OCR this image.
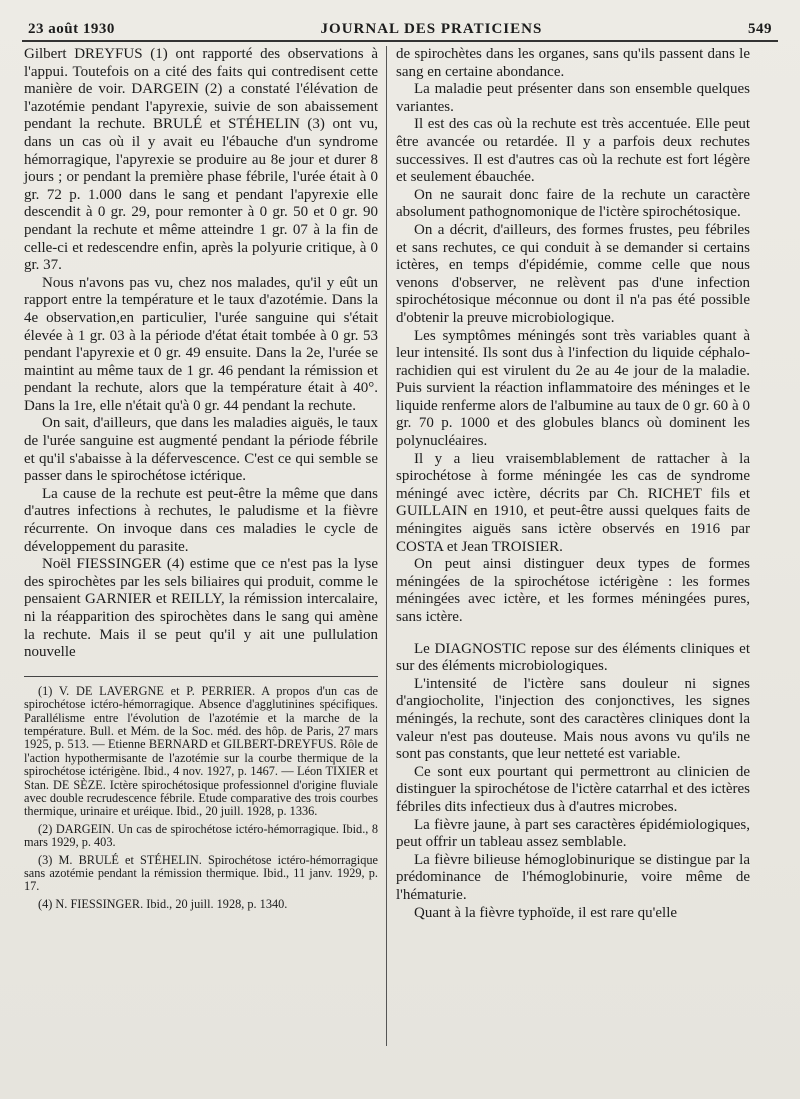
23 août 1930	JOURNAL DES PRATICIENS	549

Gilbert DREYFUS (1) ont rapporté des observations à l'appui. Toutefois on a cité des faits qui contredisent cette manière de voir. DARGEIN (2) a constaté l'élévation de l'azotémie pendant l'apyrexie, suivie de son abaissement pendant la rechute. BRULÉ et STÉHELIN (3) ont vu, dans un cas où il y avait eu l'ébauche d'un syndrome hémorragique, l'apyrexie se produire au 8e jour et durer 8 jours ; or pendant la première phase fébrile, l'urée était à 0 gr. 72 p. 1.000 dans le sang et pendant l'apyrexie elle descendit à 0 gr. 29, pour remonter à 0 gr. 50 et 0 gr. 90 pendant la rechute et même atteindre 1 gr. 07 à la fin de celle-ci et redescendre enfin, après la polyurie critique, à 0 gr. 37.

Nous n'avons pas vu, chez nos malades, qu'il y eût un rapport entre la température et le taux d'azotémie. Dans la 4e observation,en particulier, l'urée sanguine qui s'était élevée à 1 gr. 03 à la période d'état était tombée à 0 gr. 53 pendant l'apyrexie et 0 gr. 49 ensuite. Dans la 2e, l'urée se maintint au même taux de 1 gr. 46 pendant la rémission et pendant la rechute, alors que la température était à 40°. Dans la 1re, elle n'était qu'à 0 gr. 44 pendant la rechute.

On sait, d'ailleurs, que dans les maladies aiguës, le taux de l'urée sanguine est augmenté pendant la période fébrile et qu'il s'abaisse à la défervescence. C'est ce qui semble se passer dans le spirochétose ictérique.

La cause de la rechute est peut-être la même que dans d'autres infections à rechutes, le paludisme et la fièvre récurrente. On invoque dans ces maladies le cycle de développement du parasite.

Noël FIESSINGER (4) estime que ce n'est pas la lyse des spirochètes par les sels biliaires qui produit, comme le pensaient GARNIER et REILLY, la rémission intercalaire, ni la réapparition des spirochètes dans le sang qui amène la rechute. Mais il se peut qu'il y ait une pullulation nouvelle

(1) V. DE LAVERGNE et P. PERRIER. A propos d'un cas de spirochétose ictéro-hémorragique. Absence d'agglutinines spécifiques. Parallélisme entre l'évolution de l'azotémie et la marche de la température. Bull. et Mém. de la Soc. méd. des hôp. de Paris, 27 mars 1925, p. 513. — Etienne BERNARD et GILBERT-DREYFUS. Rôle de l'action hypothermisante de l'azotémie sur la courbe thermique de la spirochétose ictérigène. Ibid., 4 nov. 1927, p. 1467. — Léon TIXIER et Stan. DE SÈZE. Ictère spirochétosique professionnel d'origine fluviale avec double recrudescence fébrile. Etude comparative des trois courbes thermique, urinaire et uréique. Ibid., 20 juill. 1928, p. 1336.

(2) DARGEIN. Un cas de spirochétose ictéro-hémorragique. Ibid., 8 mars 1929, p. 403.

(3) M. BRULÉ et STÉHELIN. Spirochétose ictéro-hémorragique sans azotémie pendant la rémission thermique. Ibid., 11 janv. 1929, p. 17.

(4) N. FIESSINGER. Ibid., 20 juill. 1928, p. 1340.

de spirochètes dans les organes, sans qu'ils passent dans le sang en certaine abondance.

La maladie peut présenter dans son ensemble quelques variantes.

Il est des cas où la rechute est très accentuée. Elle peut être avancée ou retardée. Il y a parfois deux rechutes successives. Il est d'autres cas où la rechute est fort légère et seulement ébauchée.

On ne saurait donc faire de la rechute un caractère absolument pathognomonique de l'ictère spirochétosique.

On a décrit, d'ailleurs, des formes frustes, peu fébriles et sans rechutes, ce qui conduit à se demander si certains ictères, en temps d'épidémie, comme celle que nous venons d'observer, ne relèvent pas d'une infection spirochétosique méconnue ou dont il n'a pas été possible d'obtenir la preuve microbiologique.

Les symptômes méningés sont très variables quant à leur intensité. Ils sont dus à l'infection du liquide céphalo-rachidien qui est virulent du 2e au 4e jour de la maladie. Puis survient la réaction inflammatoire des méninges et le liquide renferme alors de l'albumine au taux de 0 gr. 60 à 0 gr. 70 p. 1000 et des globules blancs où dominent les polynucléaires.

Il y a lieu vraisemblablement de rattacher à la spirochétose à forme méningée les cas de syndrome méningé avec ictère, décrits par Ch. RICHET fils et GUILLAIN en 1910, et peut-être aussi quelques faits de méningites aiguës sans ictère observés en 1916 par COSTA et Jean TROISIER.

On peut ainsi distinguer deux types de formes méningées de la spirochétose ictérigène : les formes méningées avec ictère, et les formes méningées pures, sans ictère.

Le DIAGNOSTIC repose sur des éléments cliniques et sur des éléments microbiologiques.

L'intensité de l'ictère sans douleur ni signes d'angiocholite, l'injection des conjonctives, les signes méningés, la rechute, sont des caractères cliniques dont la valeur n'est pas douteuse. Mais nous avons vu qu'ils ne sont pas constants, que leur netteté est variable.

Ce sont eux pourtant qui permettront au clinicien de distinguer la spirochétose de l'ictère catarrhal et des ictères fébriles dits infectieux dus à d'autres microbes.

La fièvre jaune, à part ses caractères épidémiologiques, peut offrir un tableau assez semblable.

La fièvre bilieuse hémoglobinurique se distingue par la prédominance de l'hémoglobinurie, voire même de l'hématurie.

Quant à la fièvre typhoïde, il est rare qu'elle
